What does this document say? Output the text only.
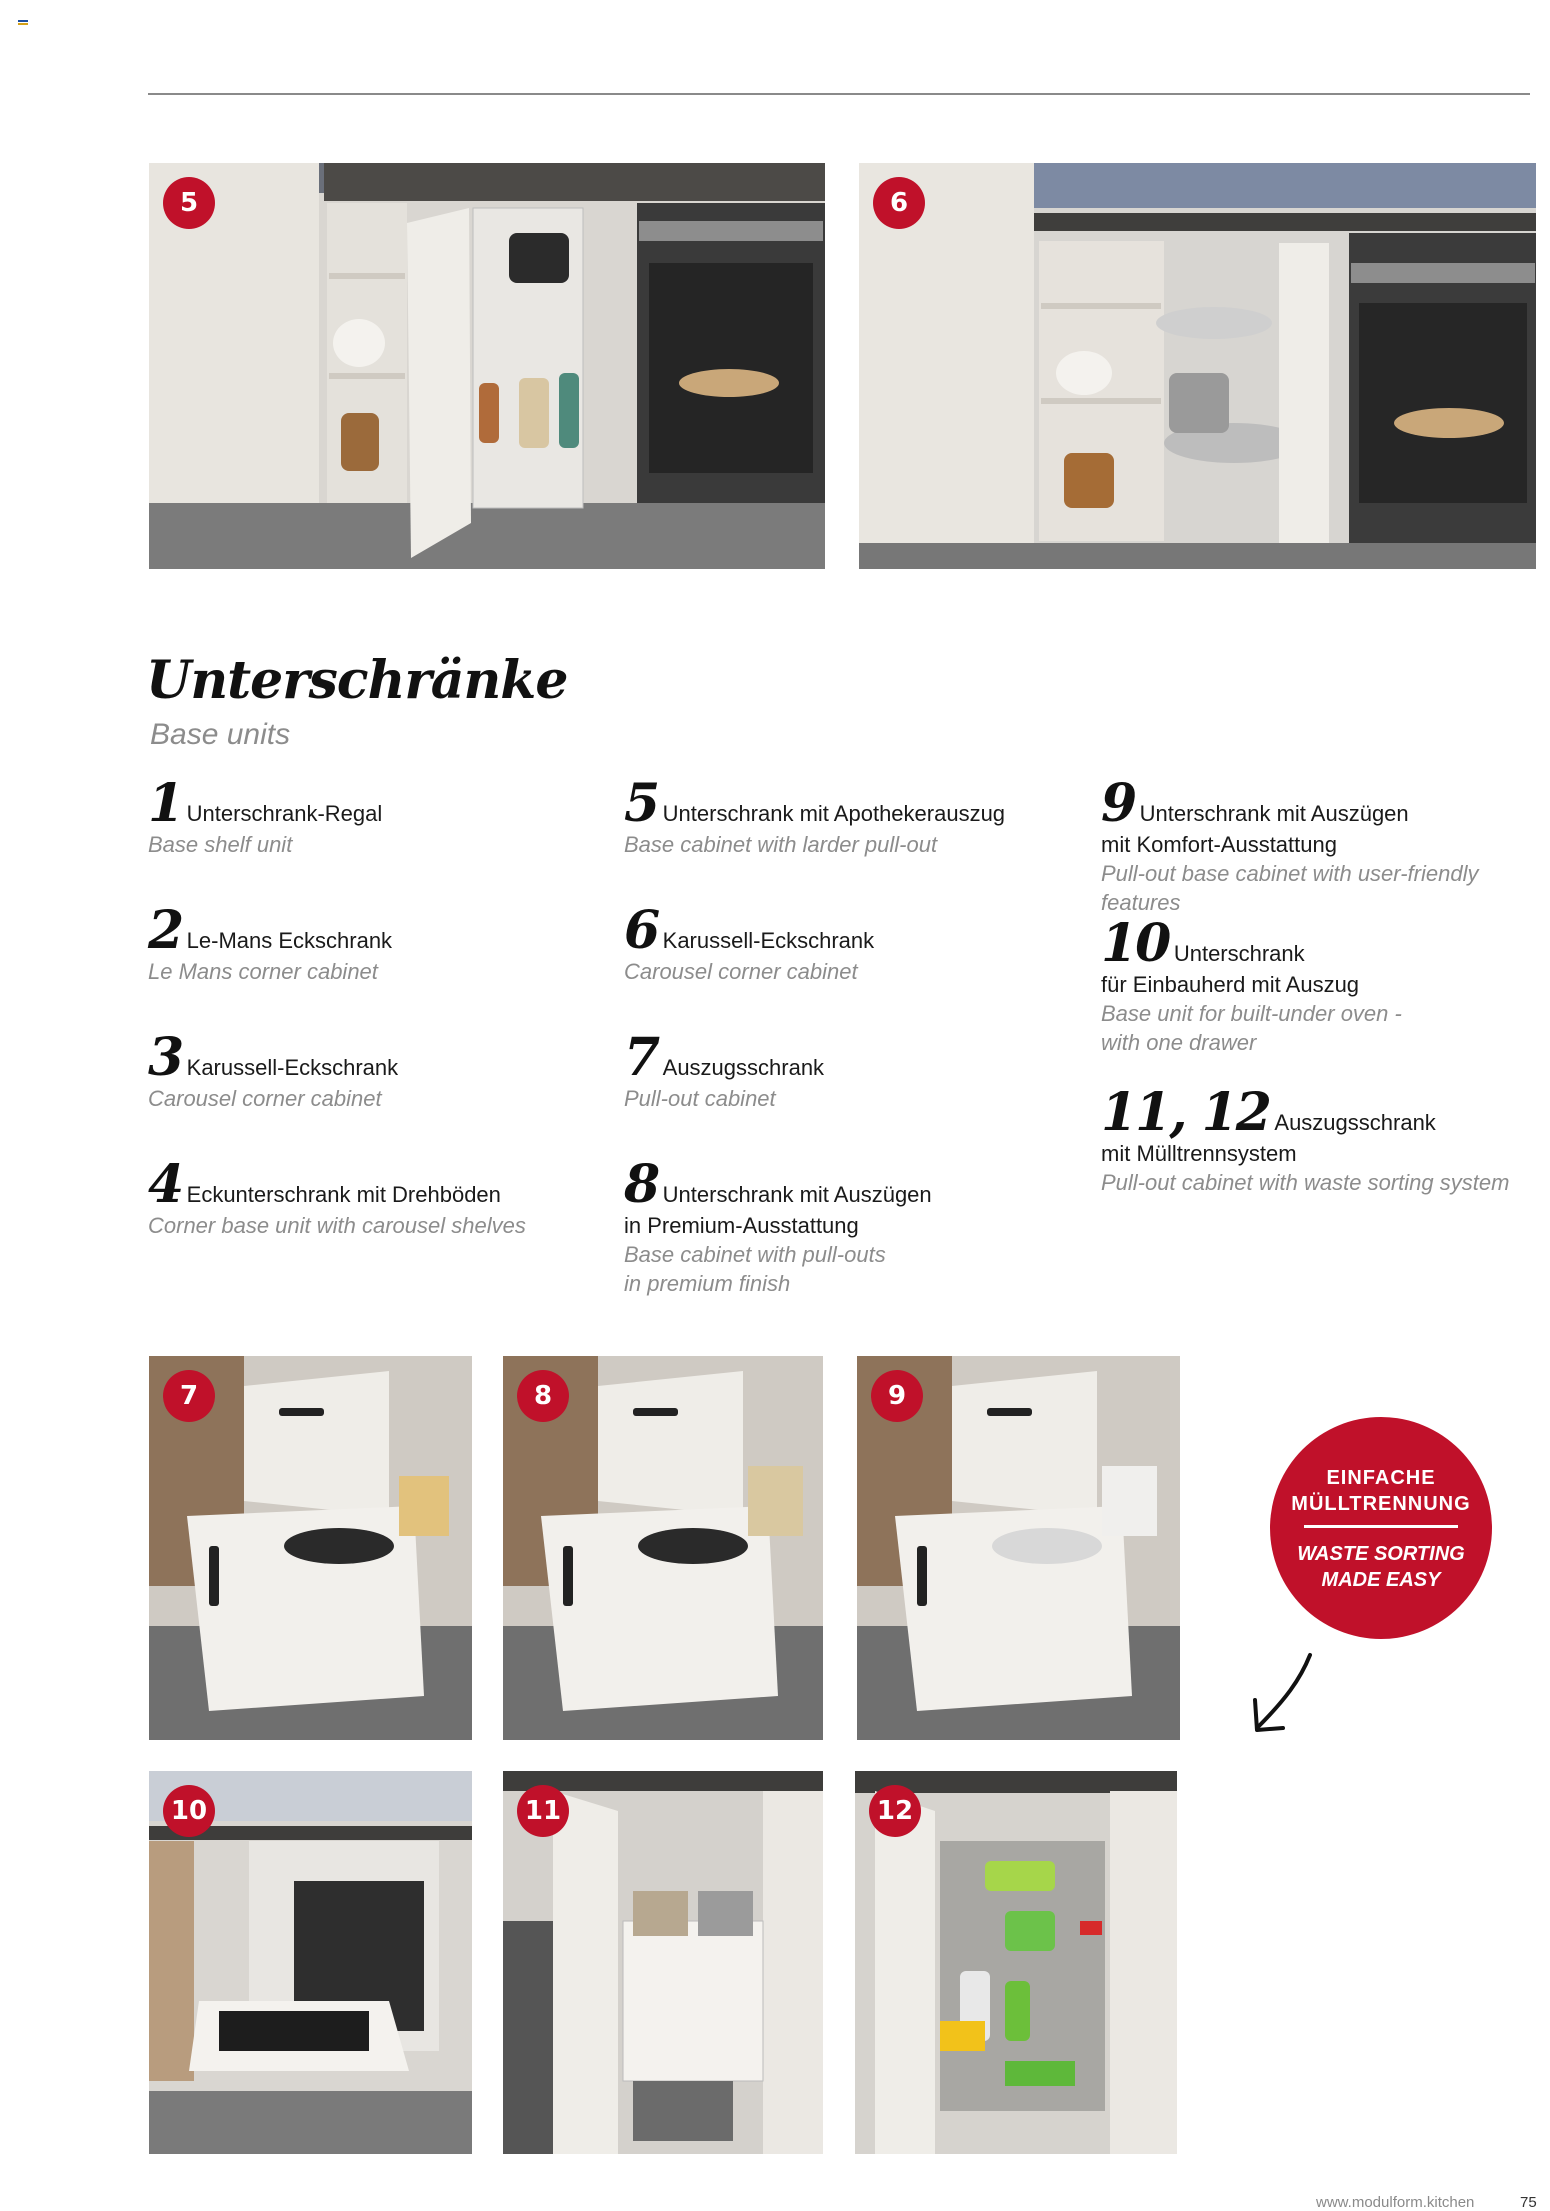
5	6
Unterschränke
Base units
1 Unterschrank-Regal
Base shelf unit
2 Le-Mans Eckschrank
Le Mans corner cabinet
3 Karussell-Eckschrank
Carousel corner cabinet
4 Eckunterschrank mit Drehböden
Corner base unit with carousel shelves
5 Unterschrank mit Apothekerauszug
Base cabinet with larder pull-out
6 Karussell-Eckschrank
Carousel corner cabinet
7 Auszugsschrank
Pull-out cabinet
8 Unterschrank mit Auszügen
in Premium-Ausstattung
Base cabinet with pull-outs
in premium finish
9 Unterschrank mit Auszügen
mit Komfort-Ausstattung
Pull-out base cabinet with user-friendly features
10 Unterschrank
für Einbauherd mit Auszug
Base unit for built-under oven -
with one drawer
11, 12 Auszugsschrank
mit Mülltrennsystem
Pull-out cabinet with waste sorting system
7	8	9
10	11	12
EINFACHE
MÜLLTRENNUNG
WASTE SORTING
MADE EASY
www.modulform.kitchen	75
